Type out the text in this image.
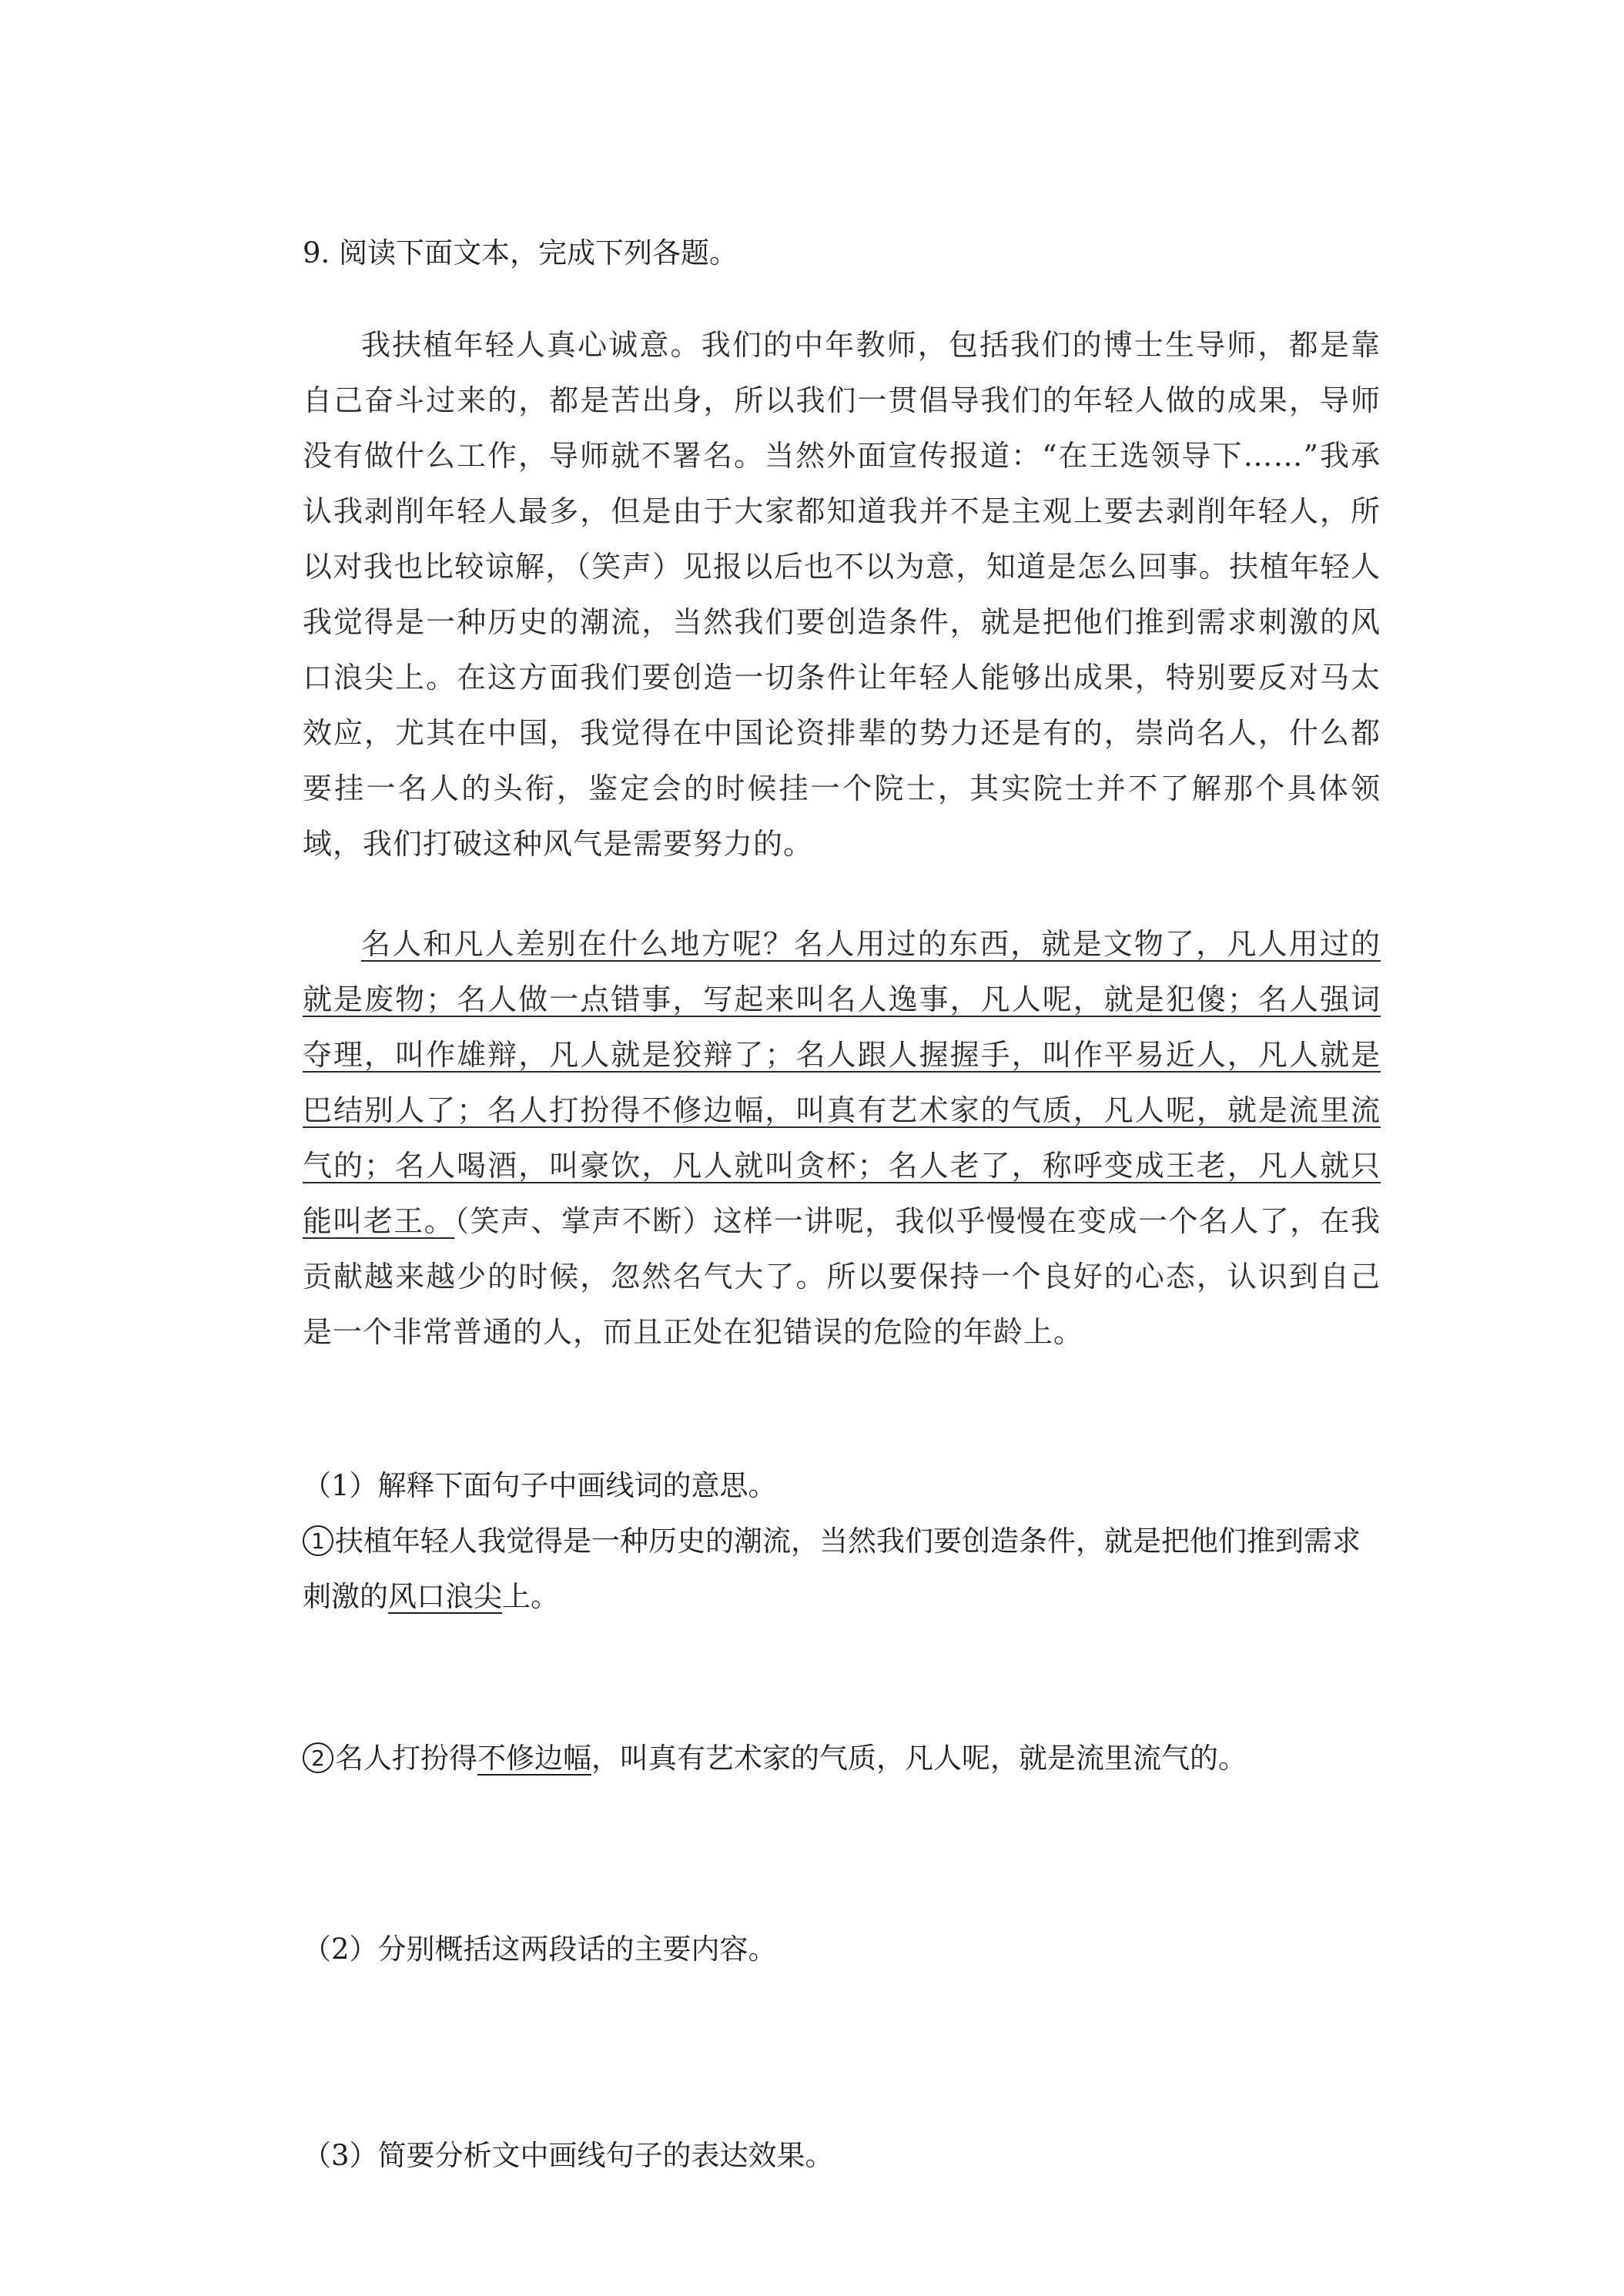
9. 阅读下面文本，完成下列各题。

我扶植年轻人真心诚意。我们的中年教师，包括我们的博士生导师，都是靠自己奋斗过来的，都是苦出身，所以我们一贯倡导我们的年轻人做的成果，导师没有做什么工作，导师就不署名。当然外面宣传报道：“在王选领导下……”我承认我剥削年轻人最多，但是由于大家都知道我并不是主观上要去剥削年轻人，所以对我也比较谅解，（笑声）见报以后也不以为意，知道是怎么回事。扶植年轻人我觉得是一种历史的潮流，当然我们要创造条件，就是把他们推到需求刺激的风口浪尖上。在这方面我们要创造一切条件让年轻人能够出成果，特别要反对马太效应，尤其在中国，我觉得在中国论资排辈的势力还是有的，崇尚名人，什么都要挂一名人的头衔，鉴定会的时候挂一个院士，其实院士并不了解那个具体领域，我们打破这种风气是需要努力的。

名人和凡人差别在什么地方呢？名人用过的东西，就是文物了，凡人用过的就是废物；名人做一点错事，写起来叫名人逸事，凡人呢，就是犯傻；名人强词夺理，叫作雄辩，凡人就是狡辩了；名人跟人握握手，叫作平易近人，凡人就是巴结别人了；名人打扮得不修边幅，叫真有艺术家的气质，凡人呢，就是流里流气的；名人喝酒，叫豪饮，凡人就叫贪杯；名人老了，称呼变成王老，凡人就只能叫老王。（笑声、掌声不断）这样一讲呢，我似乎慢慢在变成一个名人了，在我贡献越来越少的时候，忽然名气大了。所以要保持一个良好的心态，认识到自己是一个非常普通的人，而且正处在犯错误的危险的年龄上。

（1）解释下面句子中画线词的意思。

1 扶植年轻人我觉得是一种历史的潮流，当然我们要创造条件，就是把他们推到需求刺激的风口浪尖上。

2 名人打扮得不修边幅，叫真有艺术家的气质，凡人呢，就是流里流气的。

（2）分别概括这两段话的主要内容。

（3）简要分析文中画线句子的表达效果。
